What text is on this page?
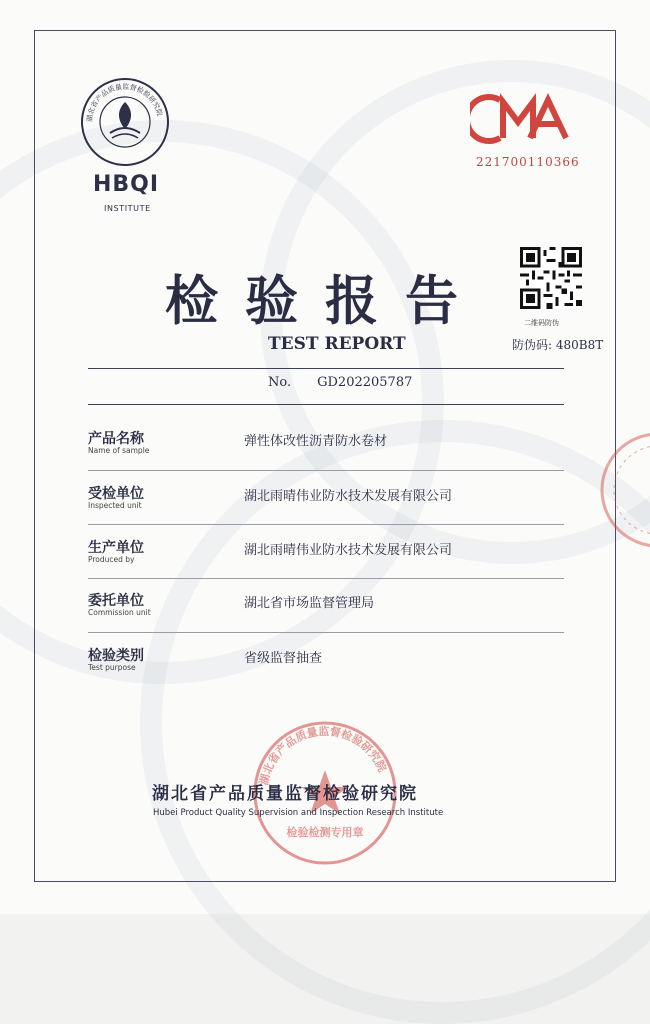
湖北省产品质量监督检验研究院
HBQI
INSTITUTE
221700110366
二维码防伪
防伪码: 480B8T
检验报告
TEST REPORT
No. GD202205787
产品名称
Name of sample
弹性体改性沥青防水卷材
受检单位
Inspected unit
湖北雨晴伟业防水技术发展有限公司
生产单位
Produced by
湖北雨晴伟业防水技术发展有限公司
委托单位
Commission unit
湖北省市场监督管理局
检验类别
Test purpose
省级监督抽查
湖北省产品质量监督检验研究院
检验检测专用章
湖北省产品质量监督检验研究院
Hubei Product Quality Supervision and Inspection Research Institute
